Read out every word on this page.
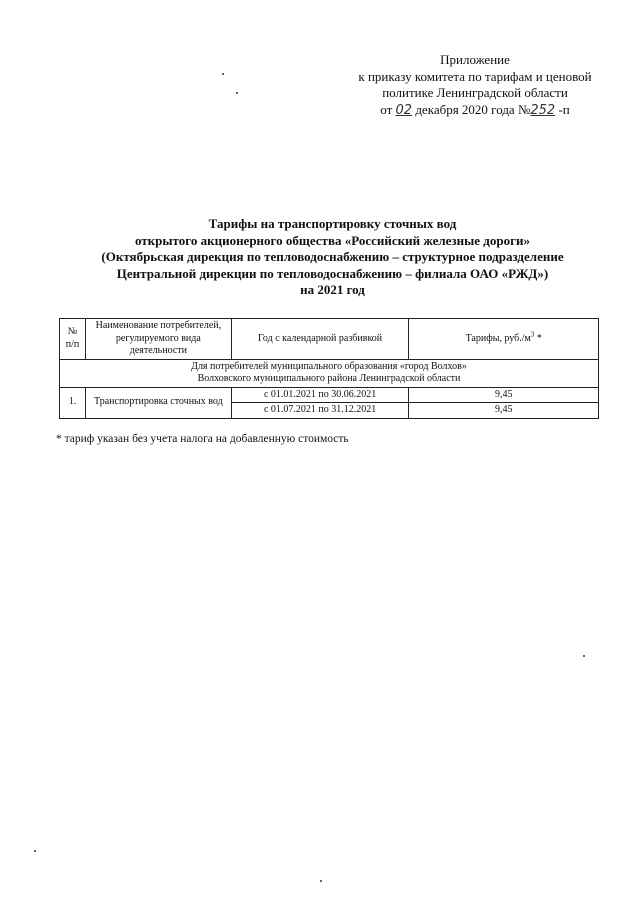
Приложение
к приказу комитета по тарифам и ценовой
политике Ленинградской области
от 02 декабря 2020 года №252 -п
Тарифы на транспортировку сточных вод
открытого акционерного общества «Российский железные дороги»
(Октябрьская дирекция по тепловодоснабжению – структурное подразделение
Центральной дирекции по тепловодоснабжению – филиала ОАО «РЖД»)
на 2021 год
№ п/п	Наименование потребителей, регулируемого вида деятельности	Год с календарной разбивкой	Тарифы, $руб./м^3$ *

Для потребителей муниципального образования «город Волхов»
Волховского муниципального района Ленинградской области			

1.	Транспортировка сточных вод	с 01.01.2021 по 30.06.2021	9,45
		с 01.07.2021 по 31.12.2021	9,45
* тариф указан без учета налога на добавленную стоимость
